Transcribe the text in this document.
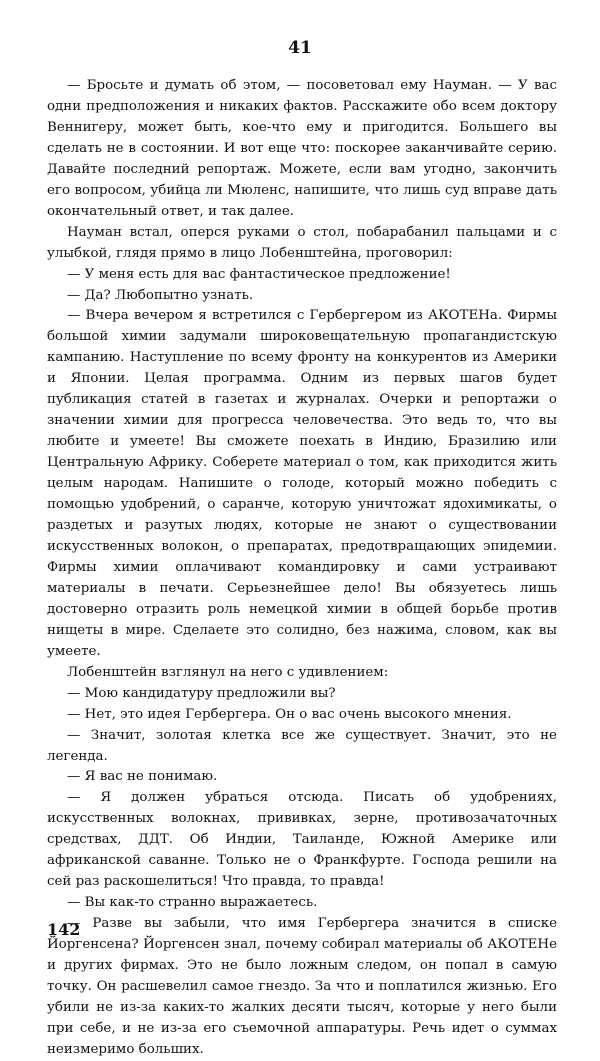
41

— Бросьте и думать об этом, — посоветовал ему Науман. — У вас одни предположения и никаких фактов. Расскажите обо всем доктору Веннигеру, может быть, кое-что ему и пригодится. Большего вы сделать не в состоянии. И вот еще что: поскорее заканчивайте серию. Давайте последний репортаж. Можете, если вам угодно, закончить его вопросом, убийца ли Мюленс, напишите, что лишь суд вправе дать окончательный ответ, и так далее.

Науман встал, оперся руками о стол, побарабанил пальцами и с улыбкой, глядя прямо в лицо Лобенштейна, проговорил:

— У меня есть для вас фантастическое предложение!

— Да? Любопытно узнать.

— Вчера вечером я встретился с Гербергером из АКОТЕНа. Фирмы большой химии задумали широковещательную пропагандистскую кампанию. Наступление по всему фронту на конкурентов из Америки и Японии. Целая программа. Одним из первых шагов будет публикация статей в газетах и журналах. Очерки и репортажи о значении химии для прогресса человечества. Это ведь то, что вы любите и умеете! Вы сможете поехать в Индию, Бразилию или Центральную Африку. Соберете материал о том, как приходится жить целым народам. Напишите о голоде, который можно победить с помощью удобрений, о саранче, которую уничтожат ядохимикаты, о раздетых и разутых людях, которые не знают о существовании искусственных волокон, о препаратах, предотвращающих эпидемии. Фирмы химии оплачивают командировку и сами устраивают материалы в печати. Серьезнейшее дело! Вы обязуетесь лишь достоверно отразить роль немецкой химии в общей борьбе против нищеты в мире. Сделаете это солидно, без нажима, словом, как вы умеете.

Лобенштейн взглянул на него с удивлением:

— Мою кандидатуру предложили вы?

— Нет, это идея Гербергера. Он о вас очень высокого мнения.

— Значит, золотая клетка все же существует. Значит, это не легенда.

— Я вас не понимаю.

— Я должен убраться отсюда. Писать об удобрениях, искусственных волокнах, прививках, зерне, противозачаточных средствах, ДДТ. Об Индии, Таиланде, Южной Америке или африканской саванне. Только не о Франкфурте. Господа решили на сей раз раскошелиться! Что правда, то правда!

— Вы как-то странно выражаетесь.

— Разве вы забыли, что имя Гербергера значится в списке Йоргенсена? Йоргенсен знал, почему собирал материалы об АКОТЕНе и других фирмах. Это не было ложным следом, он попал в самую точку. Он расшевелил самое гнездо. За что и поплатился жизнью. Его убили не из-за каких-то жалких десяти тысяч, которые у него были при себе, и не из-за его съемочной аппаратуры. Речь идет о суммах неизмеримо больших.

142
